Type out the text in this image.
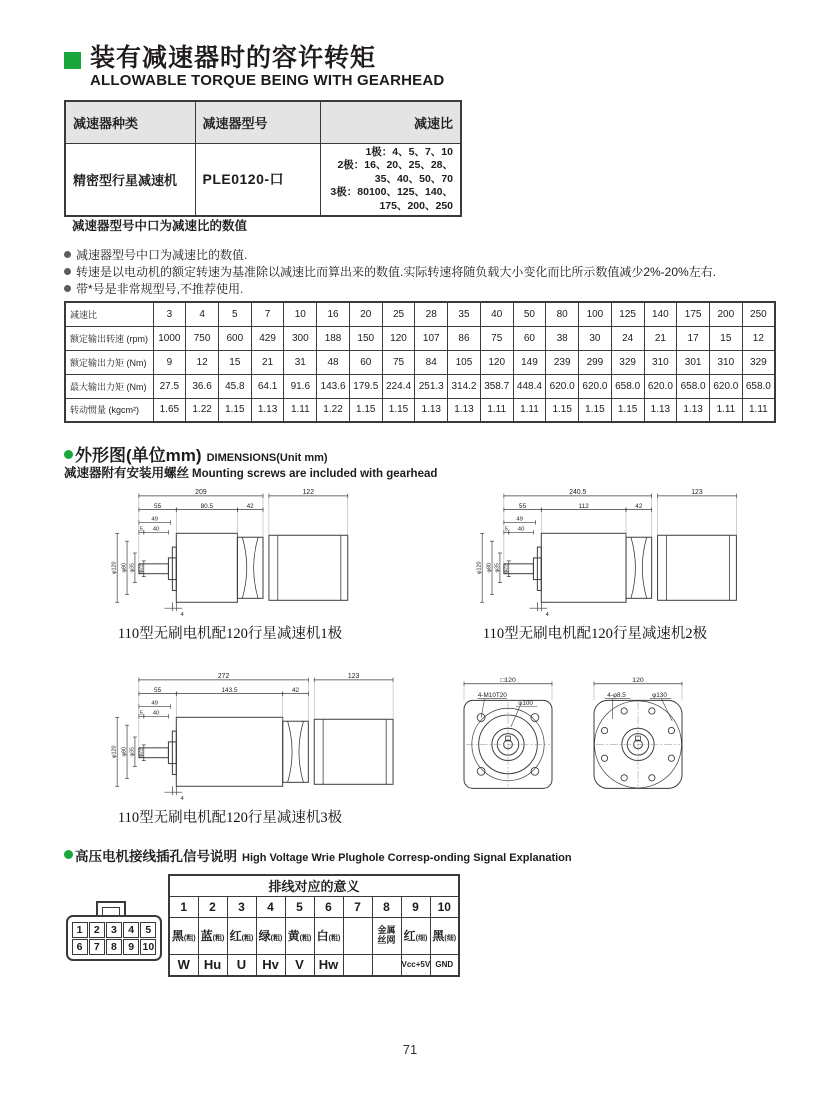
装有减速器时的容许转矩
ALLOWABLE TORQUE BEING WITH GEARHEAD
减速器种类	减速器型号	减速比
精密型行星减速机	PLE0120-口	1极：4、5、7、10
2极：16、20、25、28、
35、40、50、70
3极：80100、125、140、
175、200、250
减速器型号中口为减速比的数值
减速器型号中口为减速比的数值.
转速是以电动机的额定转速为基准除以减速比而算出来的数值.实际转速将随负载大小变化而比所示数值减少2%-20%左右.
带*号是非常规型号,不推荐使用.
减速比	3	4	5	7	10	16	20	25	28	35	40	50	80	100	125	140	175	200	250
额定输出转速 (rpm)	1000	750	600	429	300	188	150	120	107	86	75	60	38	30	24	21	17	15	12
额定输出力矩 (Nm)	9	12	15	21	31	48	60	75	84	105	120	149	239	299	329	310	301	310	329
最大输出力矩 (Nm)	27.5	36.6	45.8	64.1	91.6	143.6	179.5	224.4	251.3	314.2	358.7	448.4	620.0	620.0	658.0	620.0	658.0	620.0	658.0
转动惯量 (kgcm²)	1.65	1.22	1.15	1.13	1.11	1.22	1.15	1.15	1.13	1.13	1.11	1.11	1.15	1.15	1.15	1.13	1.13	1.11	1.11
外形图(单位mm) DIMENSIONS(Unit mm)
减速器附有安装用螺丝 Mounting screws are included with gearhead
209	122
55	80.5	42
49
5 40
φ120 φ80 φ35 φ22
4
240.5	123
55	112	42
49
5 40
φ120 φ80 φ35 φ22
4
272	123
55	143.5	42
49
5 40
φ120 φ80 φ35 φ22
4
110型无刷电机配120行星减速机1极	110型无刷电机配120行星减速机2极
110型无刷电机配120行星减速机3极
□120
4-M10T20
φ100
120
4-φ8.5	φ130
高压电机接线插孔信号说明 High Voltage Wrie Plughole Corresp-onding Signal Explanation
1	2	3	4	5
6	7	8	9 10
排线对应的意义									
1	2	3	4	5	6	7	8	9	10
黑(粗)	蓝(粗)	红(粗)	绿(粗)	黄(粗)	白(粗)		金属丝网	红(细)	黑(细)
W	Hu	U	Hv	V	Hw			Vcc+5V	GND
71
